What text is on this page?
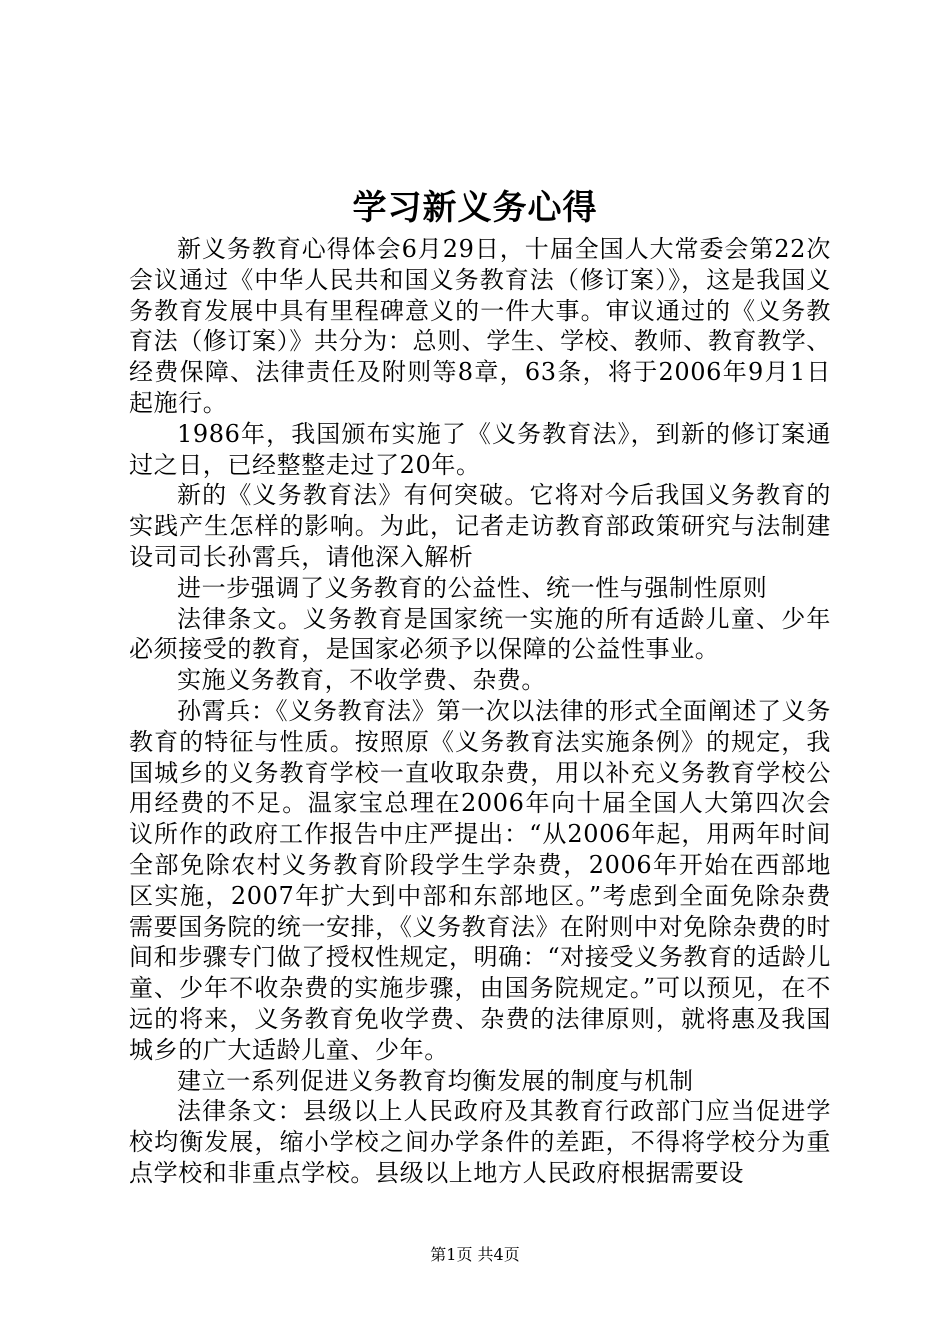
学习新义务心得

新义务教育心得体会6月29日，十届全国人大常委会第22次会议通过《中华人民共和国义务教育法（修订案）》，这是我国义务教育发展中具有里程碑意义的一件大事。审议通过的《义务教育法（修订案）》共分为：总则、学生、学校、教师、教育教学、经费保障、法律责任及附则等8章，63条，将于2006年9月1日起施行。

1986年，我国颁布实施了《义务教育法》，到新的修订案通过之日，已经整整走过了20年。

新的《义务教育法》有何突破。它将对今后我国义务教育的实践产生怎样的影响。为此，记者走访教育部政策研究与法制建设司司长孙霄兵，请他深入解析

进一步强调了义务教育的公益性、统一性与强制性原则

法律条文。义务教育是国家统一实施的所有适龄儿童、少年必须接受的教育，是国家必须予以保障的公益性事业。

实施义务教育，不收学费、杂费。

孙霄兵：《义务教育法》第一次以法律的形式全面阐述了义务教育的特征与性质。按照原《义务教育法实施条例》的规定，我国城乡的义务教育学校一直收取杂费，用以补充义务教育学校公用经费的不足。温家宝总理在2006年向十届全国人大第四次会议所作的政府工作报告中庄严提出：“从2006年起，用两年时间全部免除农村义务教育阶段学生学杂费，2006年开始在西部地区实施，2007年扩大到中部和东部地区。”考虑到全面免除杂费需要国务院的统一安排，《义务教育法》在附则中对免除杂费的时间和步骤专门做了授权性规定，明确：“对接受义务教育的适龄儿童、少年不收杂费的实施步骤，由国务院规定。”可以预见，在不远的将来，义务教育免收学费、杂费的法律原则，就将惠及我国城乡的广大适龄儿童、少年。

建立一系列促进义务教育均衡发展的制度与机制

法律条文：县级以上人民政府及其教育行政部门应当促进学校均衡发展，缩小学校之间办学条件的差距，不得将学校分为重点学校和非重点学校。县级以上地方人民政府根据需要设

第1页 共4页
